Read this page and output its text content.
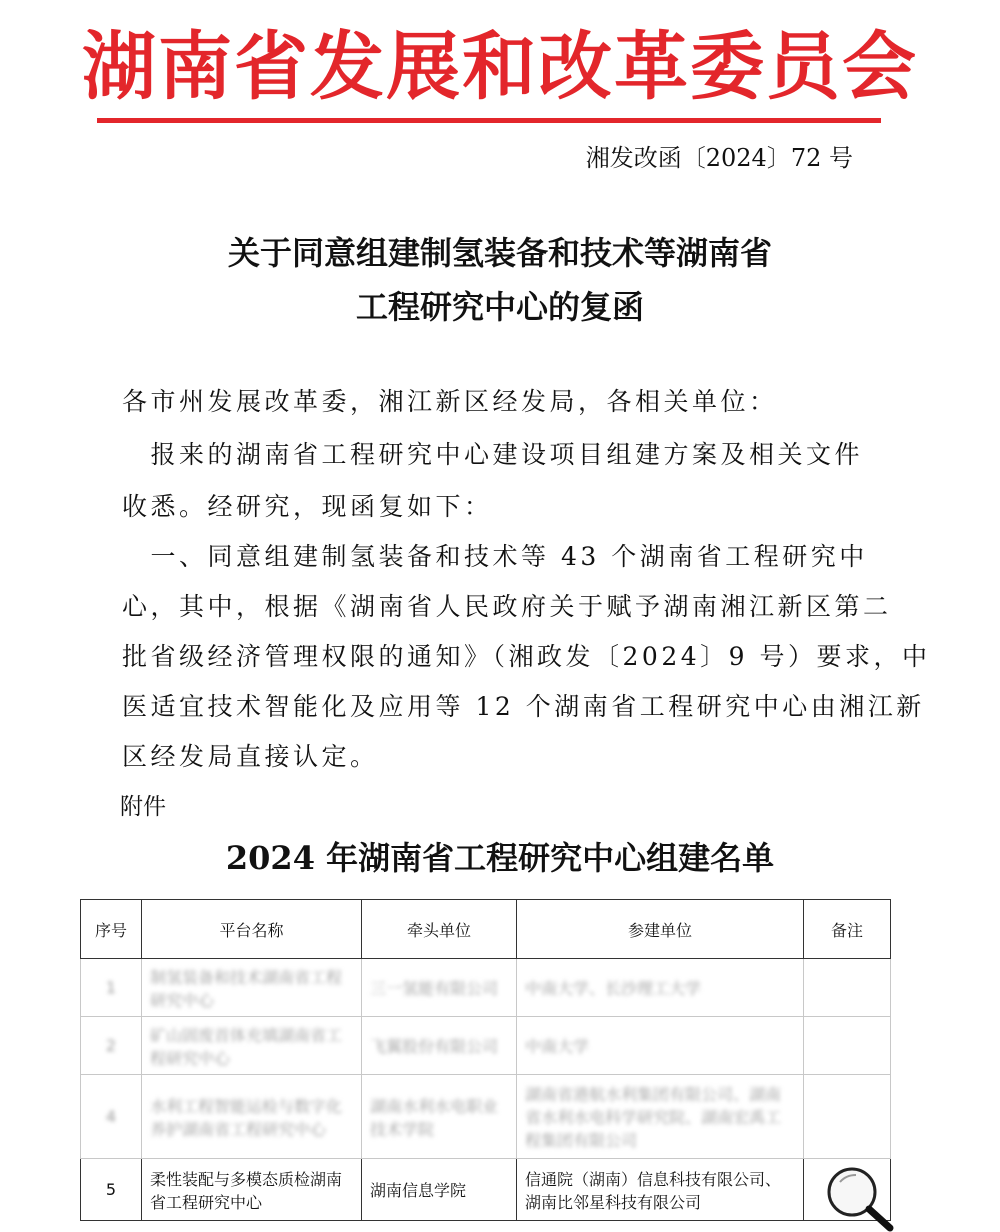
湖南省发展和改革委员会
湘发改函〔2024〕72 号
关于同意组建制氢装备和技术等湖南省
工程研究中心的复函
各市州发展改革委，湘江新区经发局，各相关单位：
　报来的湖南省工程研究中心建设项目组建方案及相关文件
收悉。经研究，现函复如下：
　一、同意组建制氢装备和技术等 43 个湖南省工程研究中
心，其中，根据《湖南省人民政府关于赋予湖南湘江新区第二
批省级经济管理权限的通知》（湘政发〔2024〕9 号）要求，中
医适宜技术智能化及应用等 12 个湖南省工程研究中心由湘江新
区经发局直接认定。
附件
2024 年湖南省工程研究中心组建名单
序号	平台名称	牵头单位	参建单位	备注
1	制氢装备和技术湖南省工程研究中心	三一氢能有限公司	中南大学、长沙理工大学	
2	矿山固废首体充填湖南省工程研究中心	飞翼股份有限公司	中南大学	
4	水利工程智能运检与数字化养护湖南省工程研究中心	湖南水利水电职业技术学院	湖南省港航水利集团有限公司、湖南省水利水电科学研究院、湖南宏禹工程集团有限公司	
5	柔性装配与多模态质检湖南省工程研究中心	湖南信息学院	信通院（湖南）信息科技有限公司、湖南比邻星科技有限公司	
